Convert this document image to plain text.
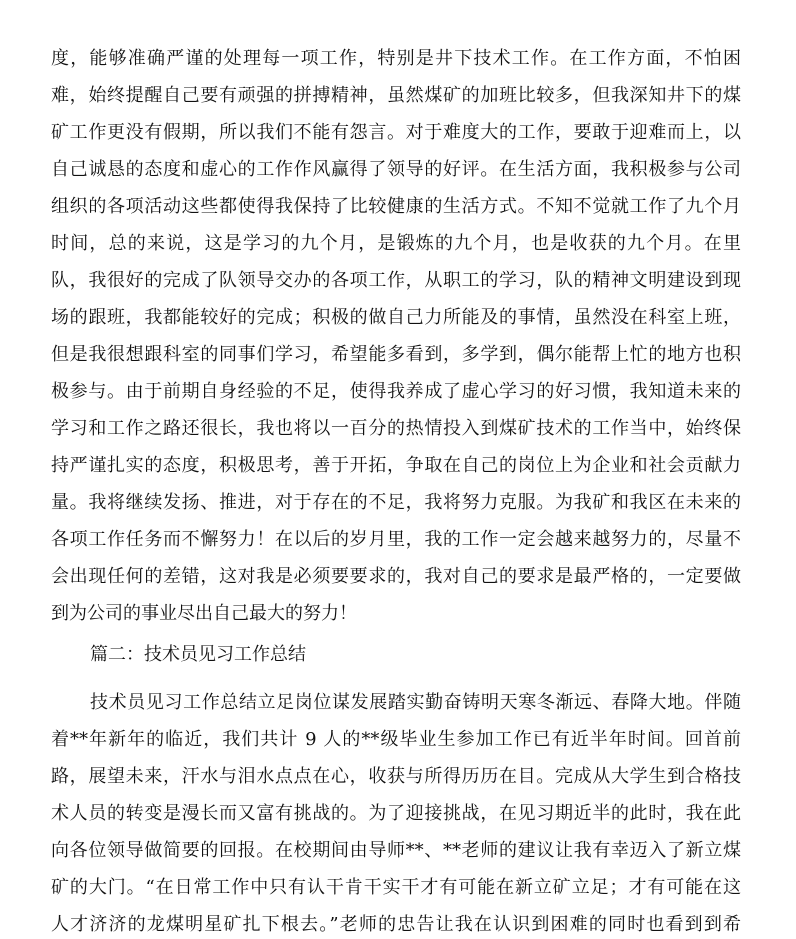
度，能够准确严谨的处理每一项工作，特别是井下技术工作。在工作方面，不怕困
难，始终提醒自己要有顽强的拼搏精神，虽然煤矿的加班比较多，但我深知井下的煤
矿工作更没有假期，所以我们不能有怨言。对于难度大的工作，要敢于迎难而上，以
自己诚恳的态度和虚心的工作作风赢得了领导的好评。在生活方面，我积极参与公司
组织的各项活动这些都使得我保持了比较健康的生活方式。不知不觉就工作了九个月
时间，总的来说，这是学习的九个月，是锻炼的九个月，也是收获的九个月。在里
队，我很好的完成了队领导交办的各项工作，从职工的学习，队的精神文明建设到现
场的跟班，我都能较好的完成；积极的做自己力所能及的事情，虽然没在科室上班，
但是我很想跟科室的同事们学习，希望能多看到，多学到，偶尔能帮上忙的地方也积
极参与。由于前期自身经验的不足，使得我养成了虚心学习的好习惯，我知道未来的
学习和工作之路还很长，我也将以一百分的热情投入到煤矿技术的工作当中，始终保
持严谨扎实的态度，积极思考，善于开拓，争取在自己的岗位上为企业和社会贡献力
量。我将继续发扬、推进，对于存在的不足，我将努力克服。为我矿和我区在未来的
各项工作任务而不懈努力！在以后的岁月里，我的工作一定会越来越努力的，尽量不
会出现任何的差错，这对我是必须要要求的，我对自己的要求是最严格的，一定要做
到为公司的事业尽出自己最大的努力！
篇二：技术员见习工作总结
技术员见习工作总结立足岗位谋发展踏实勤奋铸明天寒冬渐远、春降大地。伴随
着**年新年的临近，我们共计 9 人的**级毕业生参加工作已有近半年时间。回首前
路，展望未来，汗水与泪水点点在心，收获与所得历历在目。完成从大学生到合格技
术人员的转变是漫长而又富有挑战的。为了迎接挑战，在见习期近半的此时，我在此
向各位领导做简要的回报。在校期间由导师**、**老师的建议让我有幸迈入了新立煤
矿的大门。“在日常工作中只有认干肯干实干才有可能在新立矿立足；才有可能在这
人才济济的龙煤明星矿扎下根去。”老师的忠告让我在认识到困难的同时也看到到希
